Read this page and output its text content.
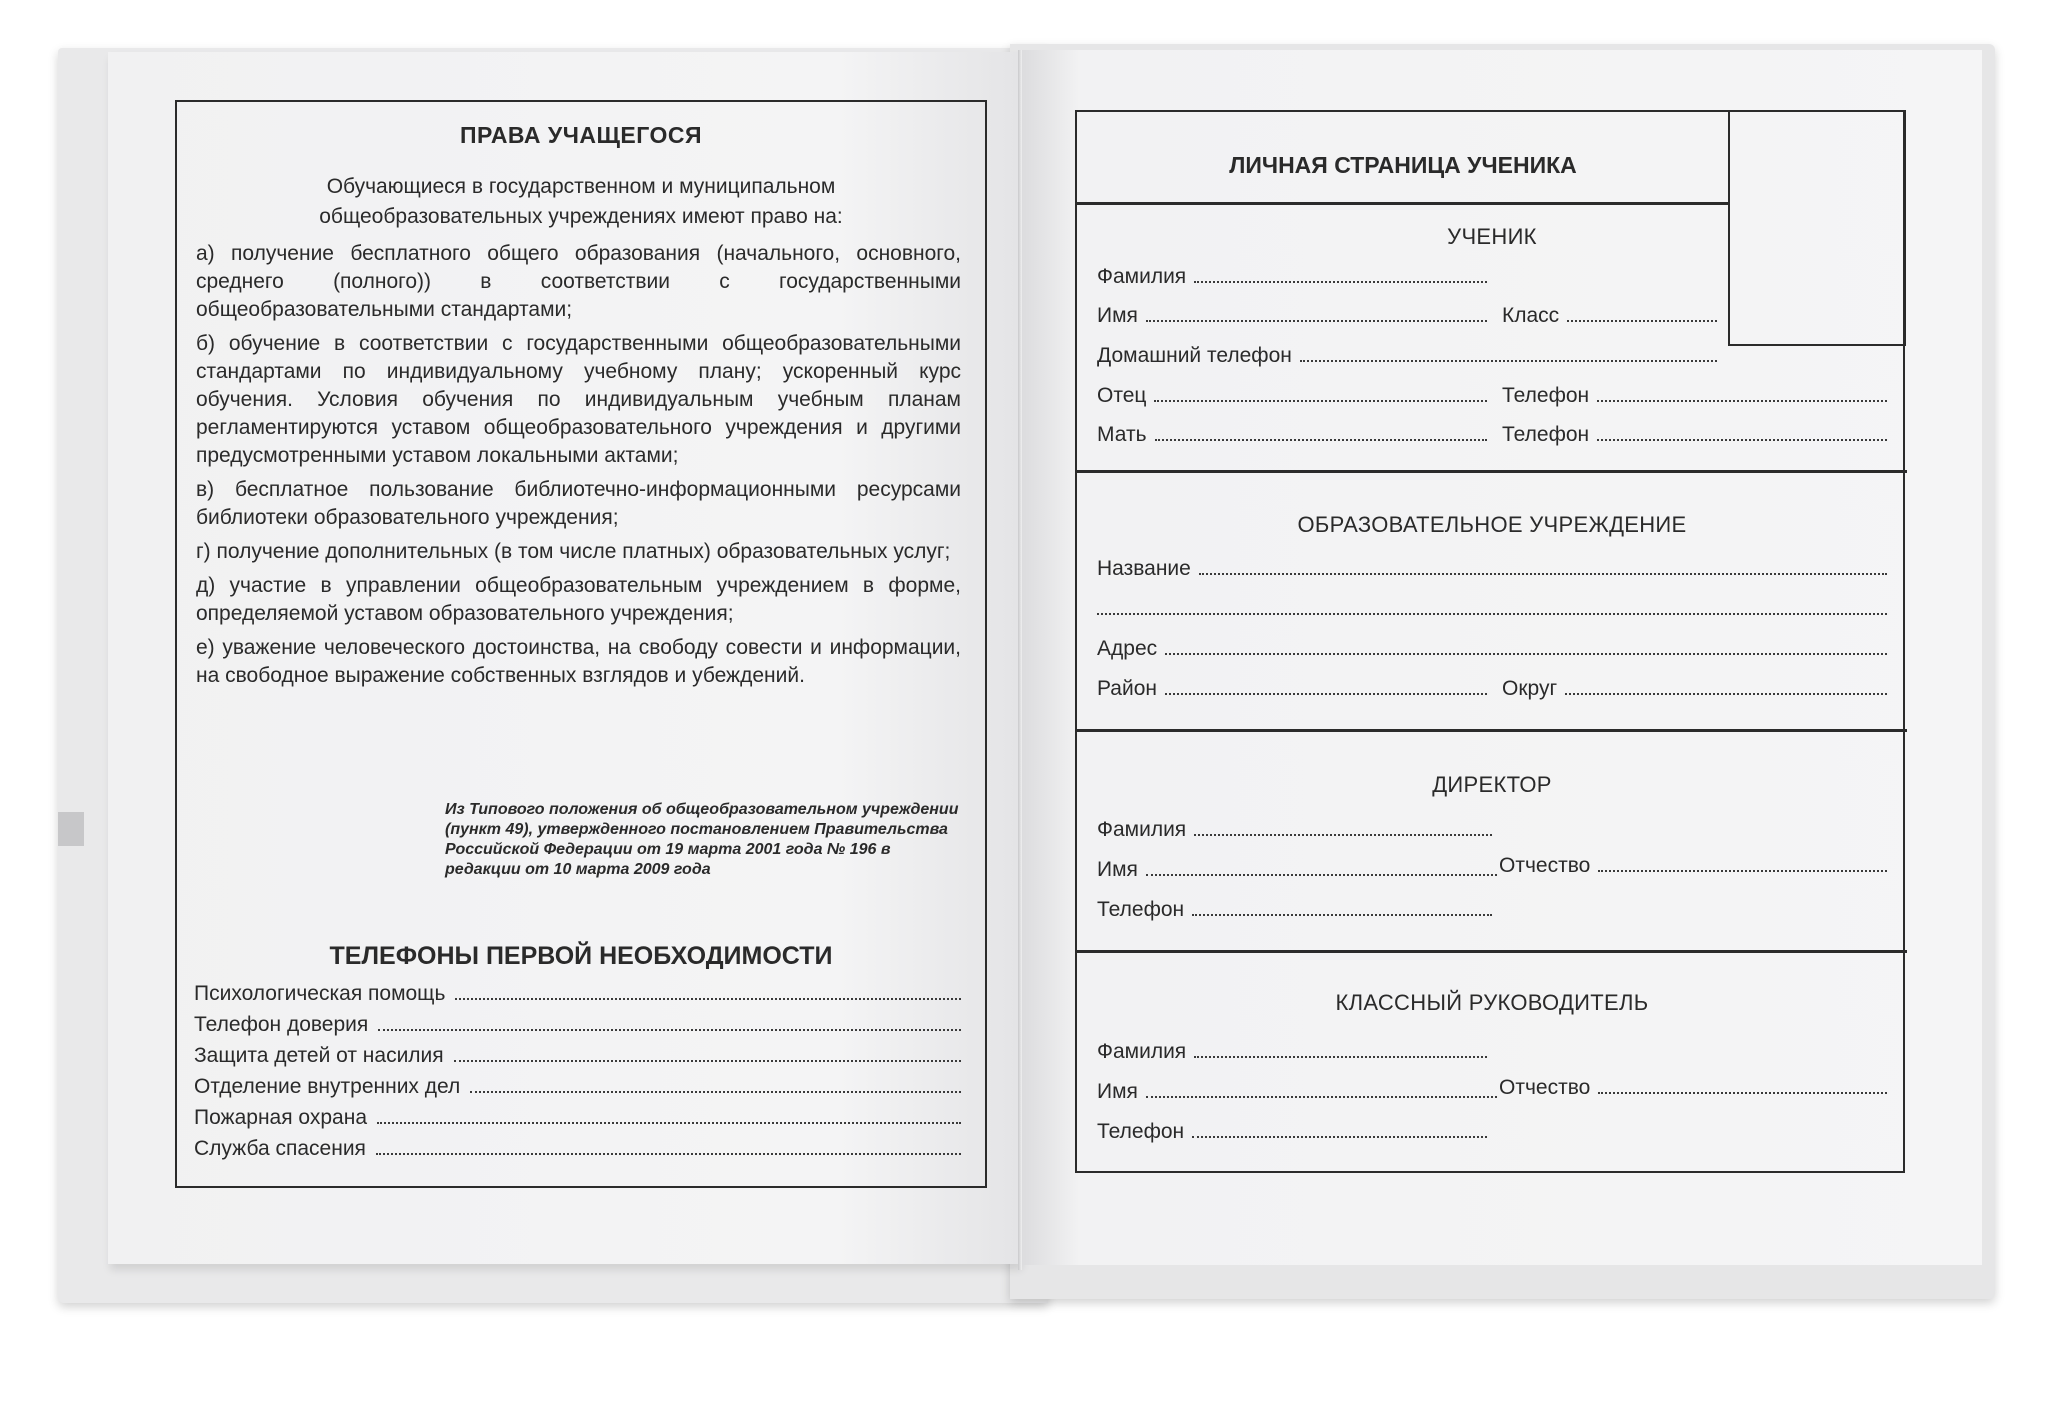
ПРАВА УЧАЩЕГОСЯ
Обучающиеся в государственном и муниципальном общеобразовательных учреждениях имеют право на:

а) получение бесплатного общего образования (начального, основного, среднего (полного)) в соответствии с государственными общеобразовательными стандартами;

б) обучение в соответствии с государственными общеобразовательными стандартами по индивидуальному учебному плану; ускоренный курс обучения. Условия обучения по индивидуальным учебным планам регламентируются уставом общеобразовательного учреждения и другими предусмотренными уставом локальными актами;

в) бесплатное пользование библиотечно-информационными ресурсами библиотеки образовательного учреждения;

г) получение дополнительных (в том числе платных) образовательных услуг;

д) участие в управлении общеобразовательным учреждением в форме, определяемой уставом образовательного учреждения;

е) уважение человеческого достоинства, на свободу совести и информации, на свободное выражение собственных взглядов и убеждений.

Из Типового положения об общеобразовательном учреждении (пункт 49), утвержденного постановлением Правительства Российской Федерации от 19 марта 2001 года № 196 в редакции от 10 марта 2009 года
ТЕЛЕФОНЫ ПЕРВОЙ НЕОБХОДИМОСТИ
Психологическая помощь
Телефон доверия
Защита детей от насилия
Отделение внутренних дел
Пожарная охрана
Служба спасения
ЛИЧНАЯ СТРАНИЦА УЧЕНИКА
УЧЕНИК
Фамилия
Имя	Класс
Домашний телефон
Отец	Телефон
Мать	Телефон
ОБРАЗОВАТЕЛЬНОЕ УЧРЕЖДЕНИЕ
Название
Адрес
Район	Округ
ДИРЕКТОР
Фамилия
Имя	Отчество
Телефон
КЛАССНЫЙ РУКОВОДИТЕЛЬ
Фамилия
Имя	Отчество
Телефон
